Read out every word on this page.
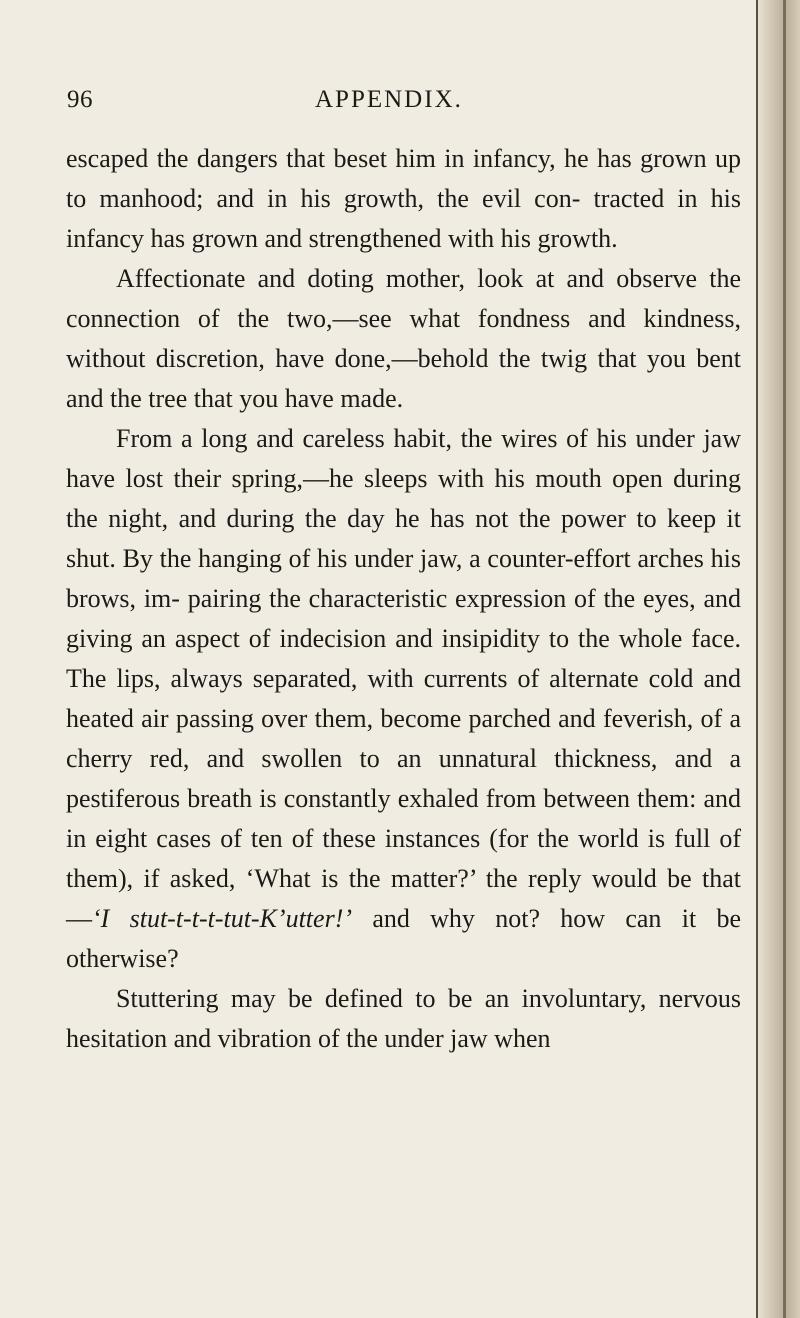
96	APPENDIX.

escaped the dangers that beset him in infancy, he has grown up to manhood; and in his growth, the evil con- tracted in his infancy has grown and strengthened with his growth.

Affectionate and doting mother, look at and observe the connection of the two,—see what fondness and kindness, without discretion, have done,—behold the twig that you bent and the tree that you have made.

From a long and careless habit, the wires of his under jaw have lost their spring,—he sleeps with his mouth open during the night, and during the day he has not the power to keep it shut. By the hanging of his under jaw, a counter-effort arches his brows, im- pairing the characteristic expression of the eyes, and giving an aspect of indecision and insipidity to the whole face. The lips, always separated, with currents of alternate cold and heated air passing over them, become parched and feverish, of a cherry red, and swollen to an unnatural thickness, and a pestiferous breath is constantly exhaled from between them: and in eight cases of ten of these instances (for the world is full of them), if asked, ‘What is the matter?’ the reply would be that—‘I stut-t-t-t-tut-K’utter!’ and why not? how can it be otherwise?

Stuttering may be defined to be an involuntary, nervous hesitation and vibration of the under jaw when
